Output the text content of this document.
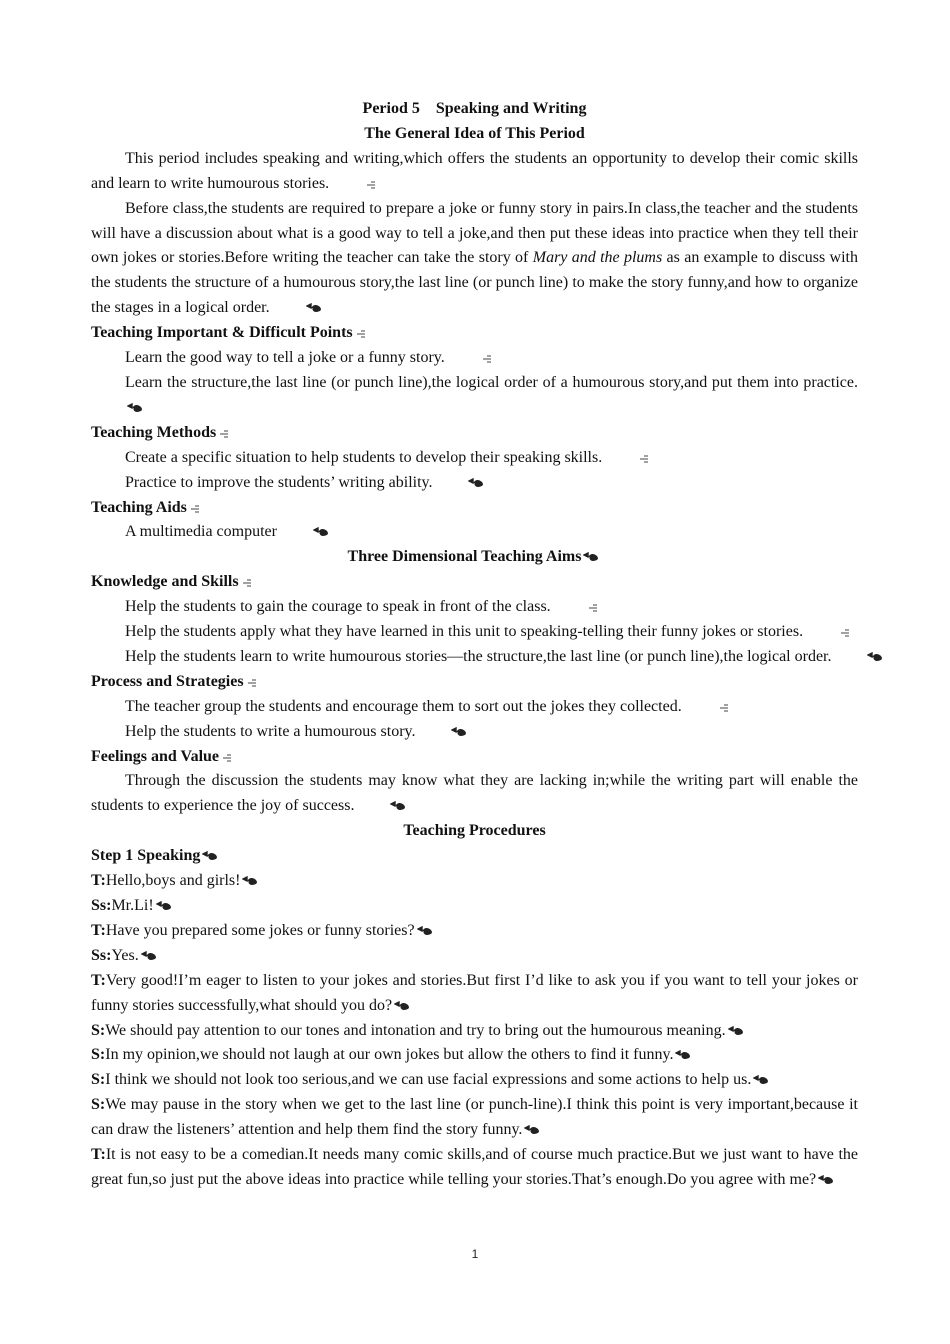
Period 5    Speaking and Writing
The General Idea of This Period

This period includes speaking and writing,which offers the students an opportunity to develop their comic skills and learn to write humourous stories.

Before class,the students are required to prepare a joke or funny story in pairs.In class,the teacher and the students will have a discussion about what is a good way to tell a joke,and then put these ideas into practice when they tell their own jokes or stories.Before writing the teacher can take the story of Mary and the plums as an example to discuss with the students the structure of a humourous story,the last line (or punch line) to make the story funny,and how to organize the stages in a logical order.

Teaching Important & Difficult Points

Learn the good way to tell a joke or a funny story.

Learn the structure,the last line (or punch line),the logical order of a humourous story,and put them into practice.

Teaching Methods

Create a specific situation to help students to develop their speaking skills.

Practice to improve the students’ writing ability.

Teaching Aids

A multimedia computer

Three Dimensional Teaching Aims

Knowledge and Skills

Help the students to gain the courage to speak in front of the class.

Help the students apply what they have learned in this unit to speaking-telling their funny jokes or stories.

Help the students learn to write humourous stories—the structure,the last line (or punch line),the logical order.

Process and Strategies

The teacher group the students and encourage them to sort out the jokes they collected.

Help the students to write a humourous story.

Feelings and Value

Through the discussion the students may know what they are lacking in;while the writing part will enable the students to experience the joy of success.

Teaching Procedures

Step 1 Speaking

T:Hello,boys and girls!

Ss:Mr.Li!

T:Have you prepared some jokes or funny stories?

Ss:Yes.

T:Very good!I’m eager to listen to your jokes and stories.But first I’d like to ask you if you want to tell your jokes or funny stories successfully,what should you do?

S:We should pay attention to our tones and intonation and try to bring out the humourous meaning.

S:In my opinion,we should not laugh at our own jokes but allow the others to find it funny.

S:I think we should not look too serious,and we can use facial expressions and some actions to help us.

S:We may pause in the story when we get to the last line (or punch-line).I think this point is very important,because it can draw the listeners’ attention and help them find the story funny.

T:It is not easy to be a comedian.It needs many comic skills,and of course much practice.But we just want to have the great fun,so just put the above ideas into practice while telling your stories.That’s enough.Do you agree with me?

1
